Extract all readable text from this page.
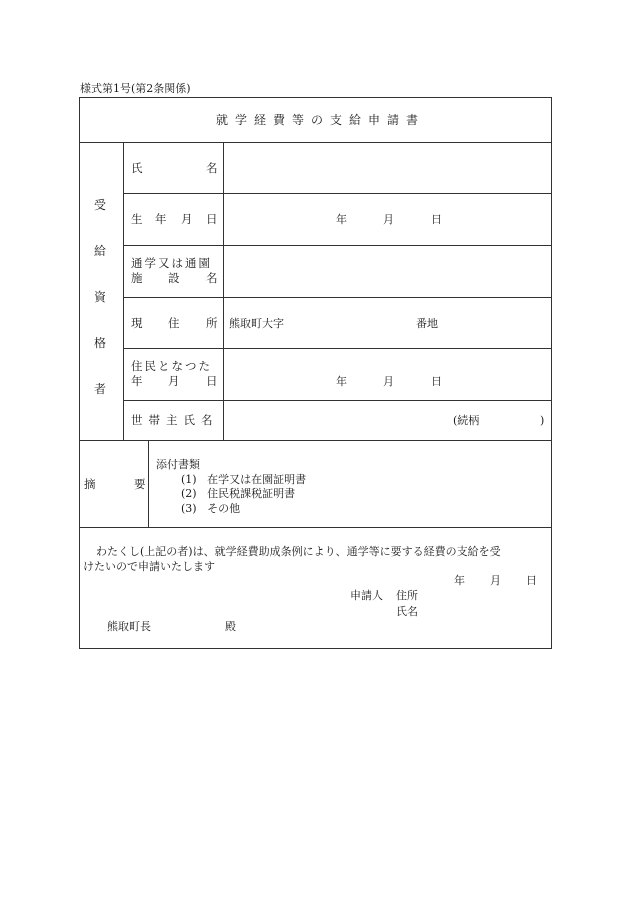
様式第1号(第2条関係)
就学経費等の支給申請書
受
給
資
格
者
氏	名
生 年 月 日	年	月	日
通学又は通園
施 設 名
現 住 所 熊取町大字	番地
住民となつた
年 月 日	年	月	日
世帯主氏名	(続柄	)
摘	要
添付書類
(1) 在学又は在園証明書
(2) 住民税課税証明書
(3) その他
わたくし(上記の者)は、就学経費助成条例により、通学等に要する経費の支給を受
けたいので申請いたします
年 月 日
申請人 住所
氏名
熊取町長	殿
